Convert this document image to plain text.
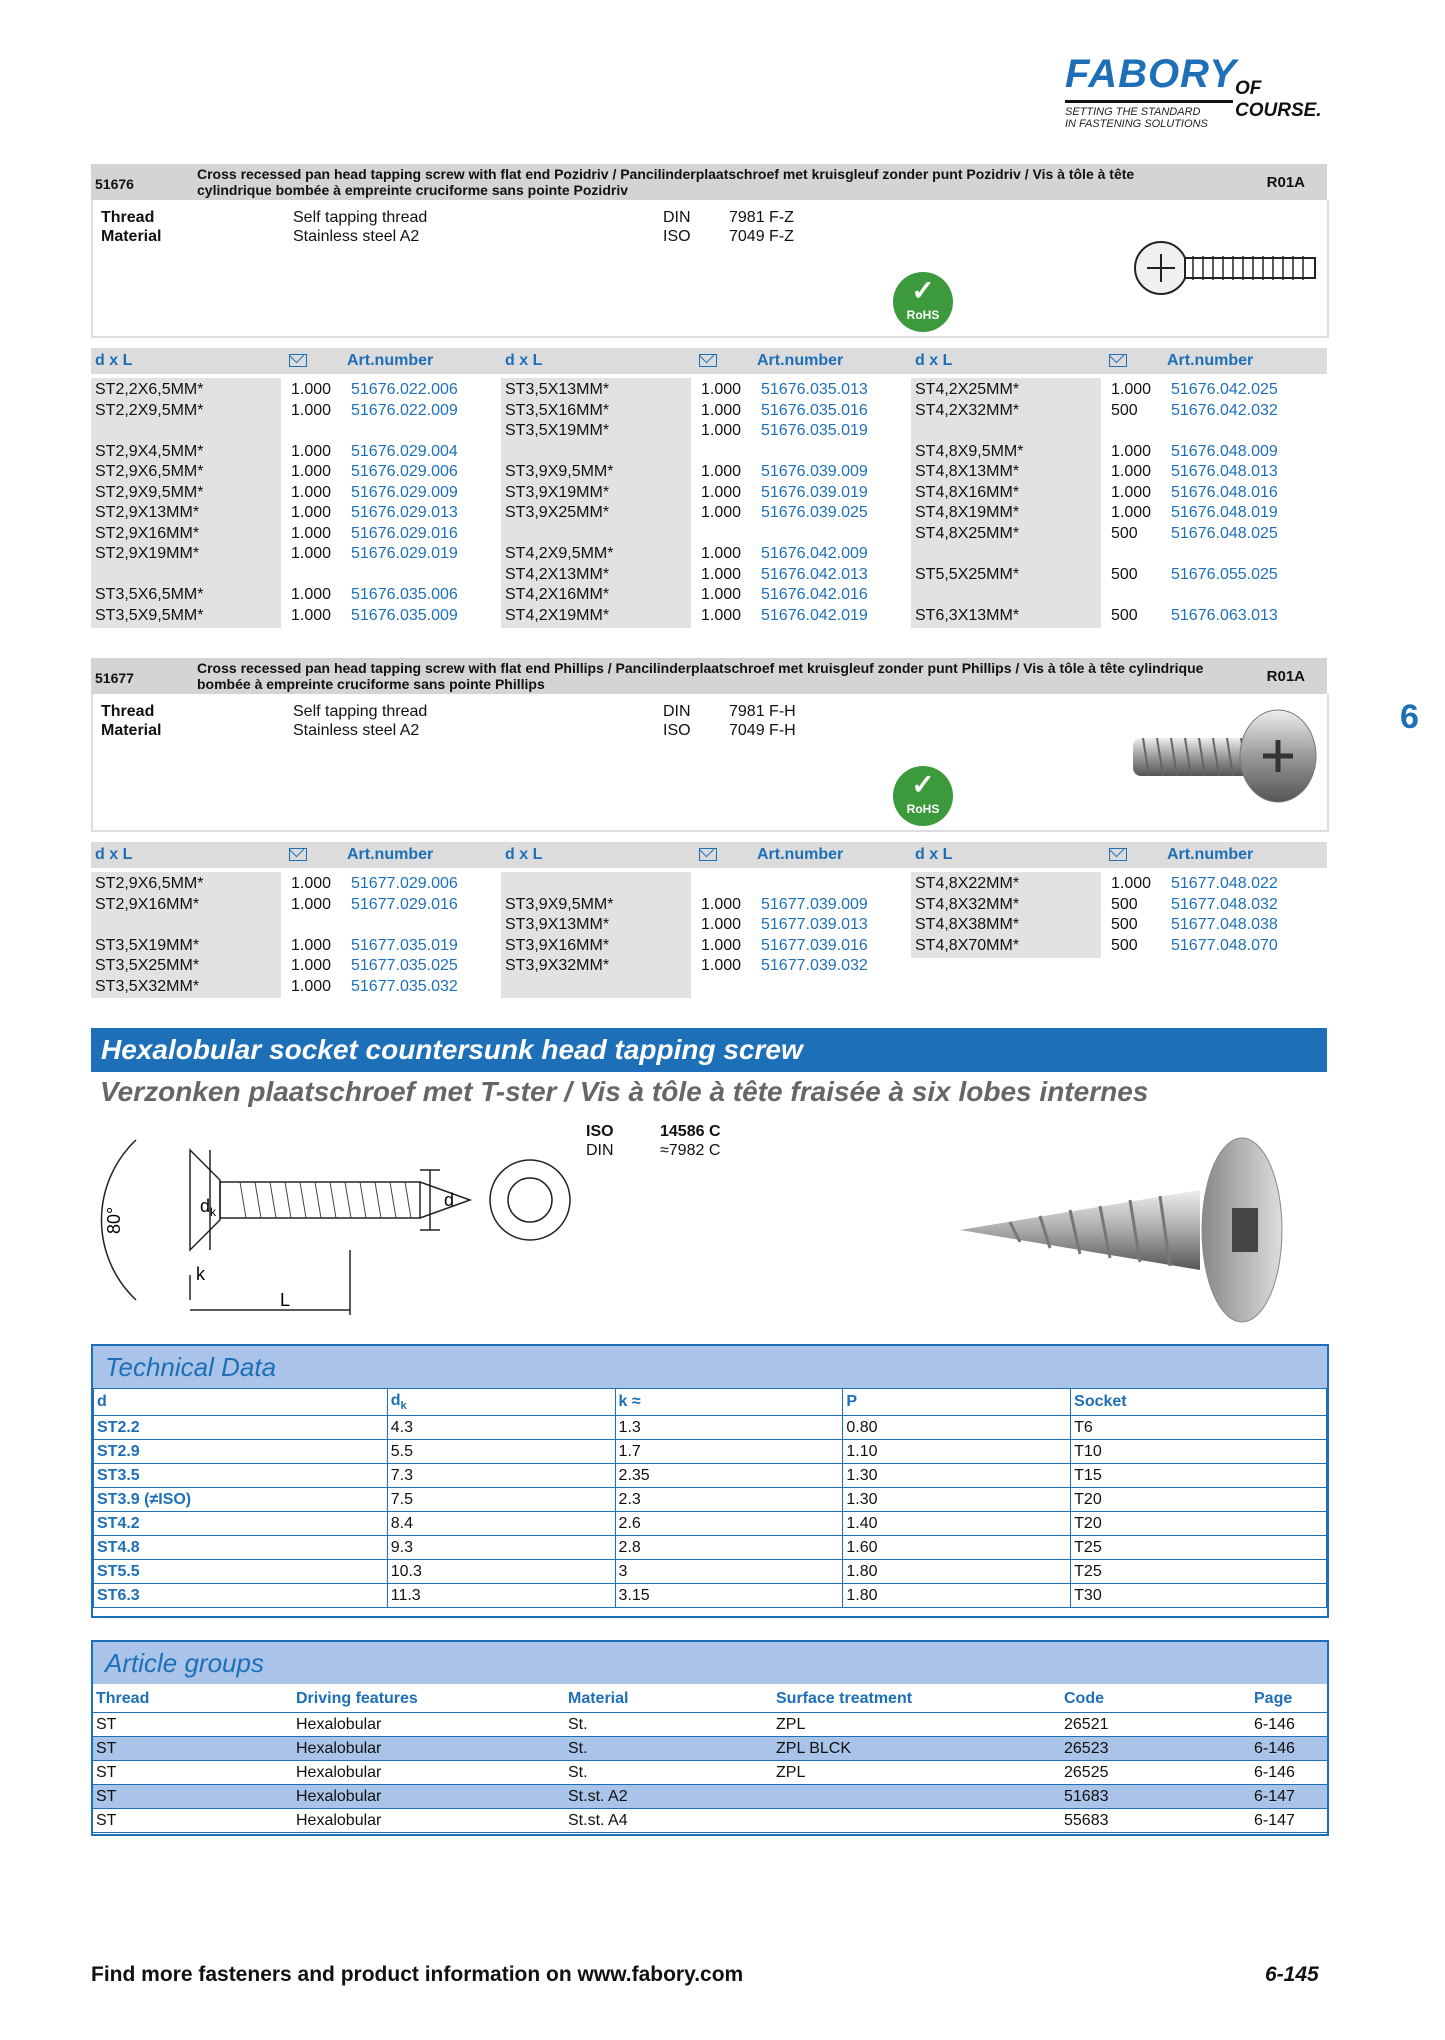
FABORY
OF COURSE.
SETTING THE STANDARD
IN FASTENING SOLUTIONS
51676
Cross recessed pan head tapping screw with flat end Pozidriv / Pancilinderplaatschroef met kruisgleuf zonder punt Pozidriv / Vis à tôle à tête cylindrique bombée à empreinte cruciforme sans pointe Pozidriv	R01A
Thread
Material
Self tapping thread
Stainless steel A2
DIN
ISO
7981 F-Z
7049 F-Z
✓
RoHS
d x L	Art.number	d x L	Art.number	d x L	Art.number
ST2,2X6,5MM*	1.000 51676.022.006
ST2,2X9,5MM*	1.000 51676.022.009
ST2,9X4,5MM*	1.000 51676.029.004
ST2,9X6,5MM*	1.000 51676.029.006
ST2,9X9,5MM*	1.000 51676.029.009
ST2,9X13MM*	1.000 51676.029.013
ST2,9X16MM*	1.000 51676.029.016
ST2,9X19MM*	1.000 51676.029.019
ST3,5X6,5MM*	1.000 51676.035.006
ST3,5X9,5MM*	1.000 51676.035.009
ST3,5X13MM*	1.000 51676.035.013
ST3,5X16MM*	1.000 51676.035.016
ST3,5X19MM*	1.000 51676.035.019
ST3,9X9,5MM*	1.000 51676.039.009
ST3,9X19MM*	1.000 51676.039.019
ST3,9X25MM*	1.000 51676.039.025
ST4,2X9,5MM*	1.000 51676.042.009
ST4,2X13MM*	1.000 51676.042.013
ST4,2X16MM*	1.000 51676.042.016
ST4,2X19MM*	1.000 51676.042.019
ST4,2X25MM*	1.000 51676.042.025
ST4,2X32MM*	500 51676.042.032
ST4,8X9,5MM*	1.000 51676.048.009
ST4,8X13MM*	1.000 51676.048.013
ST4,8X16MM*	1.000 51676.048.016
ST4,8X19MM*	1.000 51676.048.019
ST4,8X25MM*	500 51676.048.025
ST5,5X25MM*	500 51676.055.025
ST6,3X13MM*	500 51676.063.013
51677
Cross recessed pan head tapping screw with flat end Phillips / Pancilinderplaatschroef met kruisgleuf zonder punt Phillips / Vis à tôle à tête cylindrique bombée à empreinte cruciforme sans pointe Phillips	R01A
Thread
Material
Self tapping thread
Stainless steel A2
DIN
ISO
7981 F-H
7049 F-H
✓
RoHS
d x L	Art.number	d x L	Art.number	d x L	Art.number
ST2,9X6,5MM*	1.000 51677.029.006
ST2,9X16MM*	1.000 51677.029.016
ST3,5X19MM*	1.000 51677.035.019
ST3,5X25MM*	1.000 51677.035.025
ST3,5X32MM*	1.000 51677.035.032
ST3,9X9,5MM*	1.000 51677.039.009
ST3,9X13MM*	1.000 51677.039.013
ST3,9X16MM*	1.000 51677.039.016
ST3,9X32MM*	1.000 51677.039.032
ST4,8X22MM*	1.000 51677.048.022
ST4,8X32MM*	500 51677.048.032
ST4,8X38MM*	500 51677.048.038
ST4,8X70MM*	500 51677.048.070
6
Hexalobular socket countersunk head tapping screw
Verzonken plaatschroef met T-ster / Vis à tôle à tête fraisée à six lobes internes
ISO	14586 C
DIN	≈7982 C
80°
$d_k$
k
L
d
Technical Data
d	$d_k$	k ≈	P	Socket
ST2.2	4.3	1.3	0.80	T6
ST2.9	5.5	1.7	1.10	T10
ST3.5	7.3	2.35	1.30	T15
ST3.9 (≠ISO)	7.5	2.3	1.30	T20
ST4.2	8.4	2.6	1.40	T20
ST4.8	9.3	2.8	1.60	T25
ST5.5	10.3	3	1.80	T25
ST6.3	11.3	3.15	1.80	T30
Article groups
Thread	Driving features	Material	Surface treatment	Code	Page
ST	Hexalobular	St.	ZPL	26521	6-146
ST	Hexalobular	St.	ZPL BLCK	26523	6-146
ST	Hexalobular	St.	ZPL	26525	6-146
ST	Hexalobular	St.st. A2		51683	6-147
ST	Hexalobular	St.st. A4		55683	6-147
Find more fasteners and product information on www.fabory.com	6-145
